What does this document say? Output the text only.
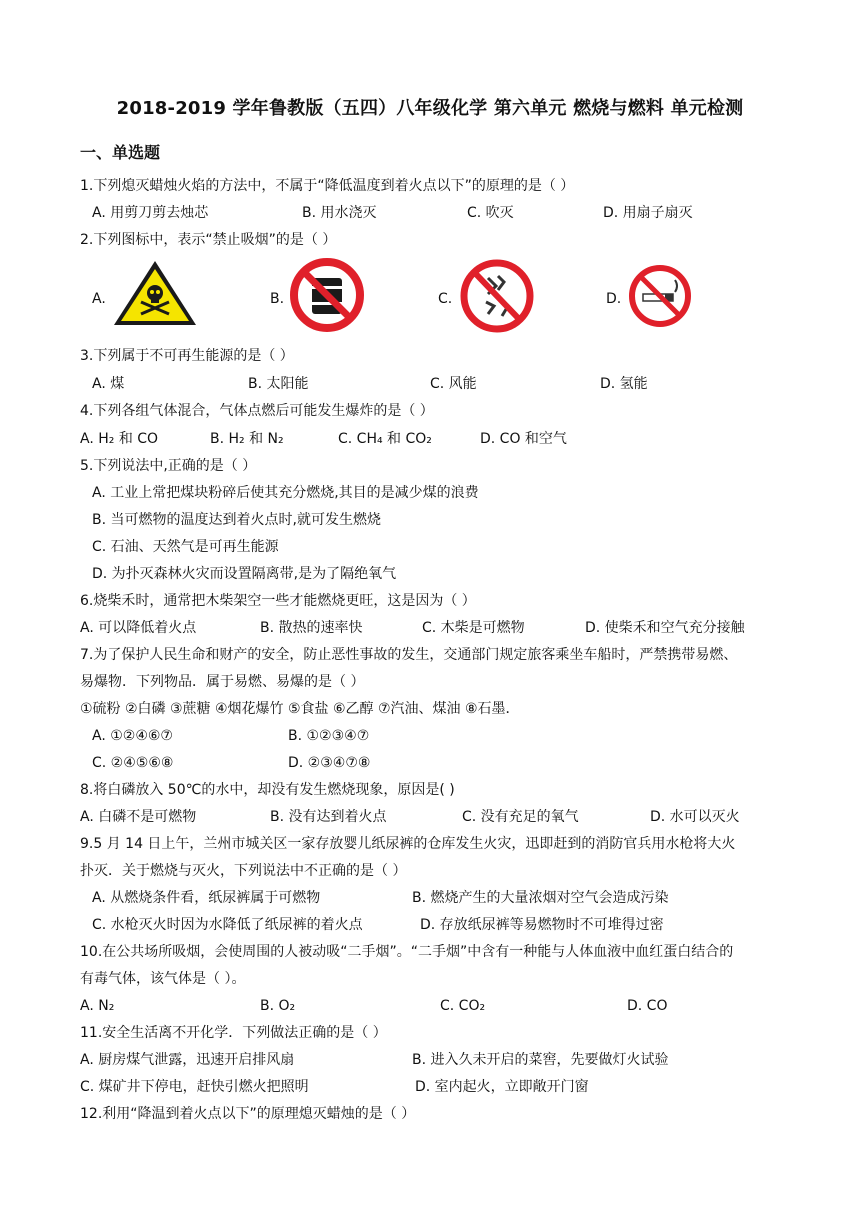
2018-2019 学年鲁教版（五四）八年级化学 第六单元 燃烧与燃料 单元检测
一、单选题
1.下列熄灭蜡烛火焰的方法中，不属于“降低温度到着火点以下”的原理的是（ ）
A. 用剪刀剪去烛芯	B. 用水浇灭	C. 吹灭	D. 用扇子扇灭
2.下列图标中，表示“禁止吸烟”的是（ ）
A.	B.	C.	D.
3.下列属于不可再生能源的是（ ）
A. 煤	B. 太阳能	C. 风能	D. 氢能
4.下列各组气体混合，气体点燃后可能发生爆炸的是（ ）
A. H₂ 和 CO	B. H₂ 和 N₂	C. CH₄ 和 CO₂	D. CO 和空气
5.下列说法中,正确的是（ ）
A. 工业上常把煤块粉碎后使其充分燃烧,其目的是减少煤的浪费
B. 当可燃物的温度达到着火点时,就可发生燃烧
C. 石油、天然气是可再生能源
D. 为扑灭森林火灾而设置隔离带,是为了隔绝氧气
6.烧柴禾时，通常把木柴架空一些才能燃烧更旺，这是因为（ ）
A. 可以降低着火点	B. 散热的速率快	C. 木柴是可燃物	D. 使柴禾和空气充分接触
7.为了保护人民生命和财产的安全，防止恶性事故的发生，交通部门规定旅客乘坐车船时，严禁携带易燃、
易爆物．下列物品．属于易燃、易爆的是（ ）
①硫粉 ②白磷 ③蔗糖 ④烟花爆竹 ⑤食盐 ⑥乙醇 ⑦汽油、煤油 ⑧石墨．
A. ①②④⑥⑦	B. ①②③④⑦
C. ②④⑤⑥⑧	D. ②③④⑦⑧
8.将白磷放入 50℃的水中，却没有发生燃烧现象，原因是( )
A. 白磷不是可燃物	B. 没有达到着火点	C. 没有充足的氧气	D. 水可以灭火
9.5 月 14 日上午，兰州市城关区一家存放婴儿纸尿裤的仓库发生火灾，迅即赶到的消防官兵用水枪将大火
扑灭．关于燃烧与灭火，下列说法中不正确的是（ ）
A. 从燃烧条件看，纸尿裤属于可燃物	B. 燃烧产生的大量浓烟对空气会造成污染
C. 水枪灭火时因为水降低了纸尿裤的着火点	D. 存放纸尿裤等易燃物时不可堆得过密
10.在公共场所吸烟，会使周围的人被动吸“二手烟”。“二手烟”中含有一种能与人体血液中血红蛋白结合的
有毒气体，该气体是（ ）。
A. N₂	B. O₂	C. CO₂	D. CO
11.安全生活离不开化学．下列做法正确的是（ ）
A. 厨房煤气泄露，迅速开启排风扇	B. 进入久未开启的菜窖，先要做灯火试验
C. 煤矿井下停电，赶快引燃火把照明	D. 室内起火，立即敞开门窗
12.利用“降温到着火点以下”的原理熄灭蜡烛的是（ ）
